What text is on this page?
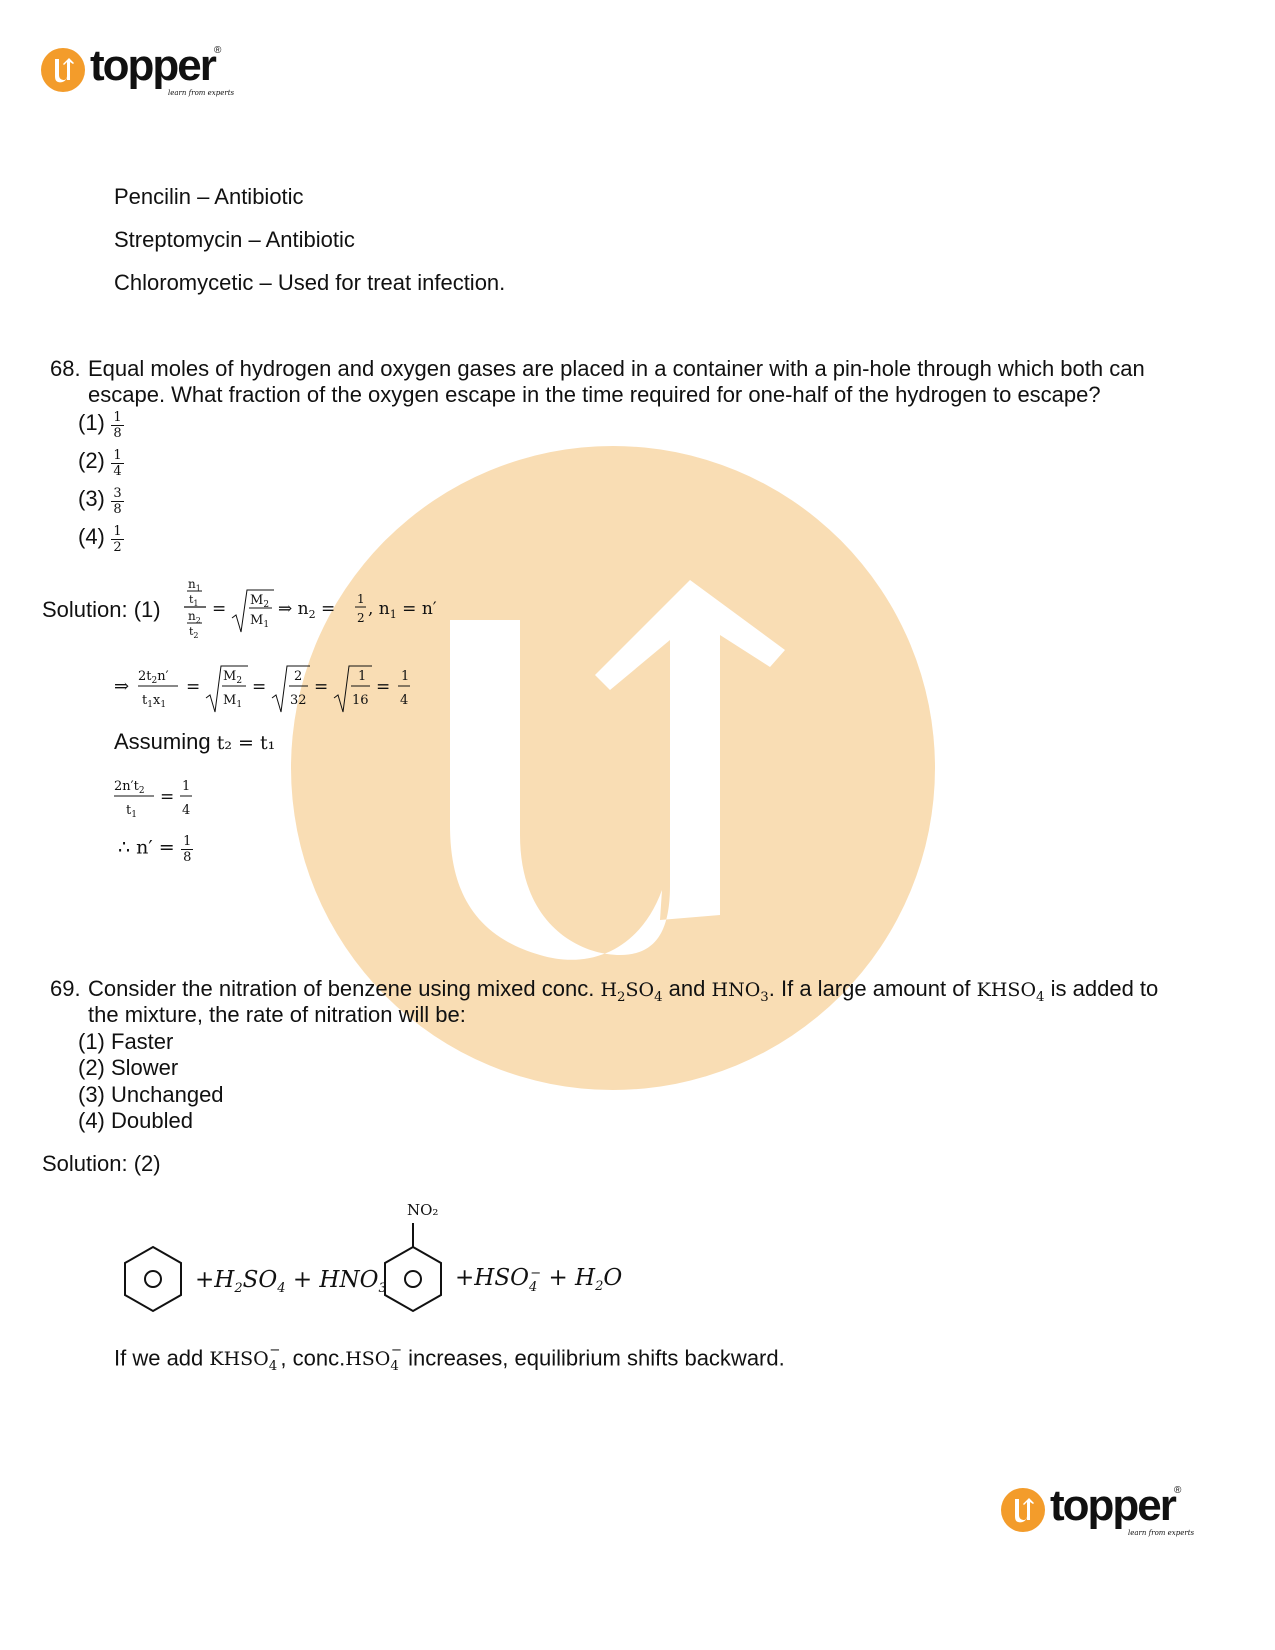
topper ®
learn from experts
Pencilin – Antibiotic
Streptomycin – Antibiotic
Chloromycetic – Used for treat infection.
68. Equal moles of hydrogen and oxygen gases are placed in a container with a pin-hole through which both can
escape. What fraction of the oxygen escape in the time required for one-half of the hydrogen to escape?
$(1) \frac{1}{8}$
$(2) \frac{1}{4}$
$(3) \frac{3}{8}$
$(4) \frac{1}{2}$
Solution: (1)
$n_1$
$t_1$
$n_2$
$t_2$
= $M_2$
$M_1$
⇒ $n_2 = 1$
2 , $n_1 = n'$
⇒ $2t_2n'$
$t_1x_1$
=
$M_2$
$M_1$
=
2
32
=
1
16
=
1
4
Assuming t₂ = t₁
$2n't_2$
$t_1$
=
1
4
∴ $n' = \frac{1}{8}$
69. Consider the nitration of benzene using mixed conc. $H_2SO_4$ and $HNO_3$. If a large amount of $KHSO_4$ is added to
the mixture, the rate of nitration will be:
(1) Faster
(2) Slower
(3) Unchanged
(4) Doubled
Solution: (2)
$+H_2SO_4 + HNO_3$
NO₂
$+HSO_4- + H_2O$
If we add $KHSO_4^-$, $conc.HSO_4^-$ increases, equilibrium shifts backward.
topper ®
learn from experts
